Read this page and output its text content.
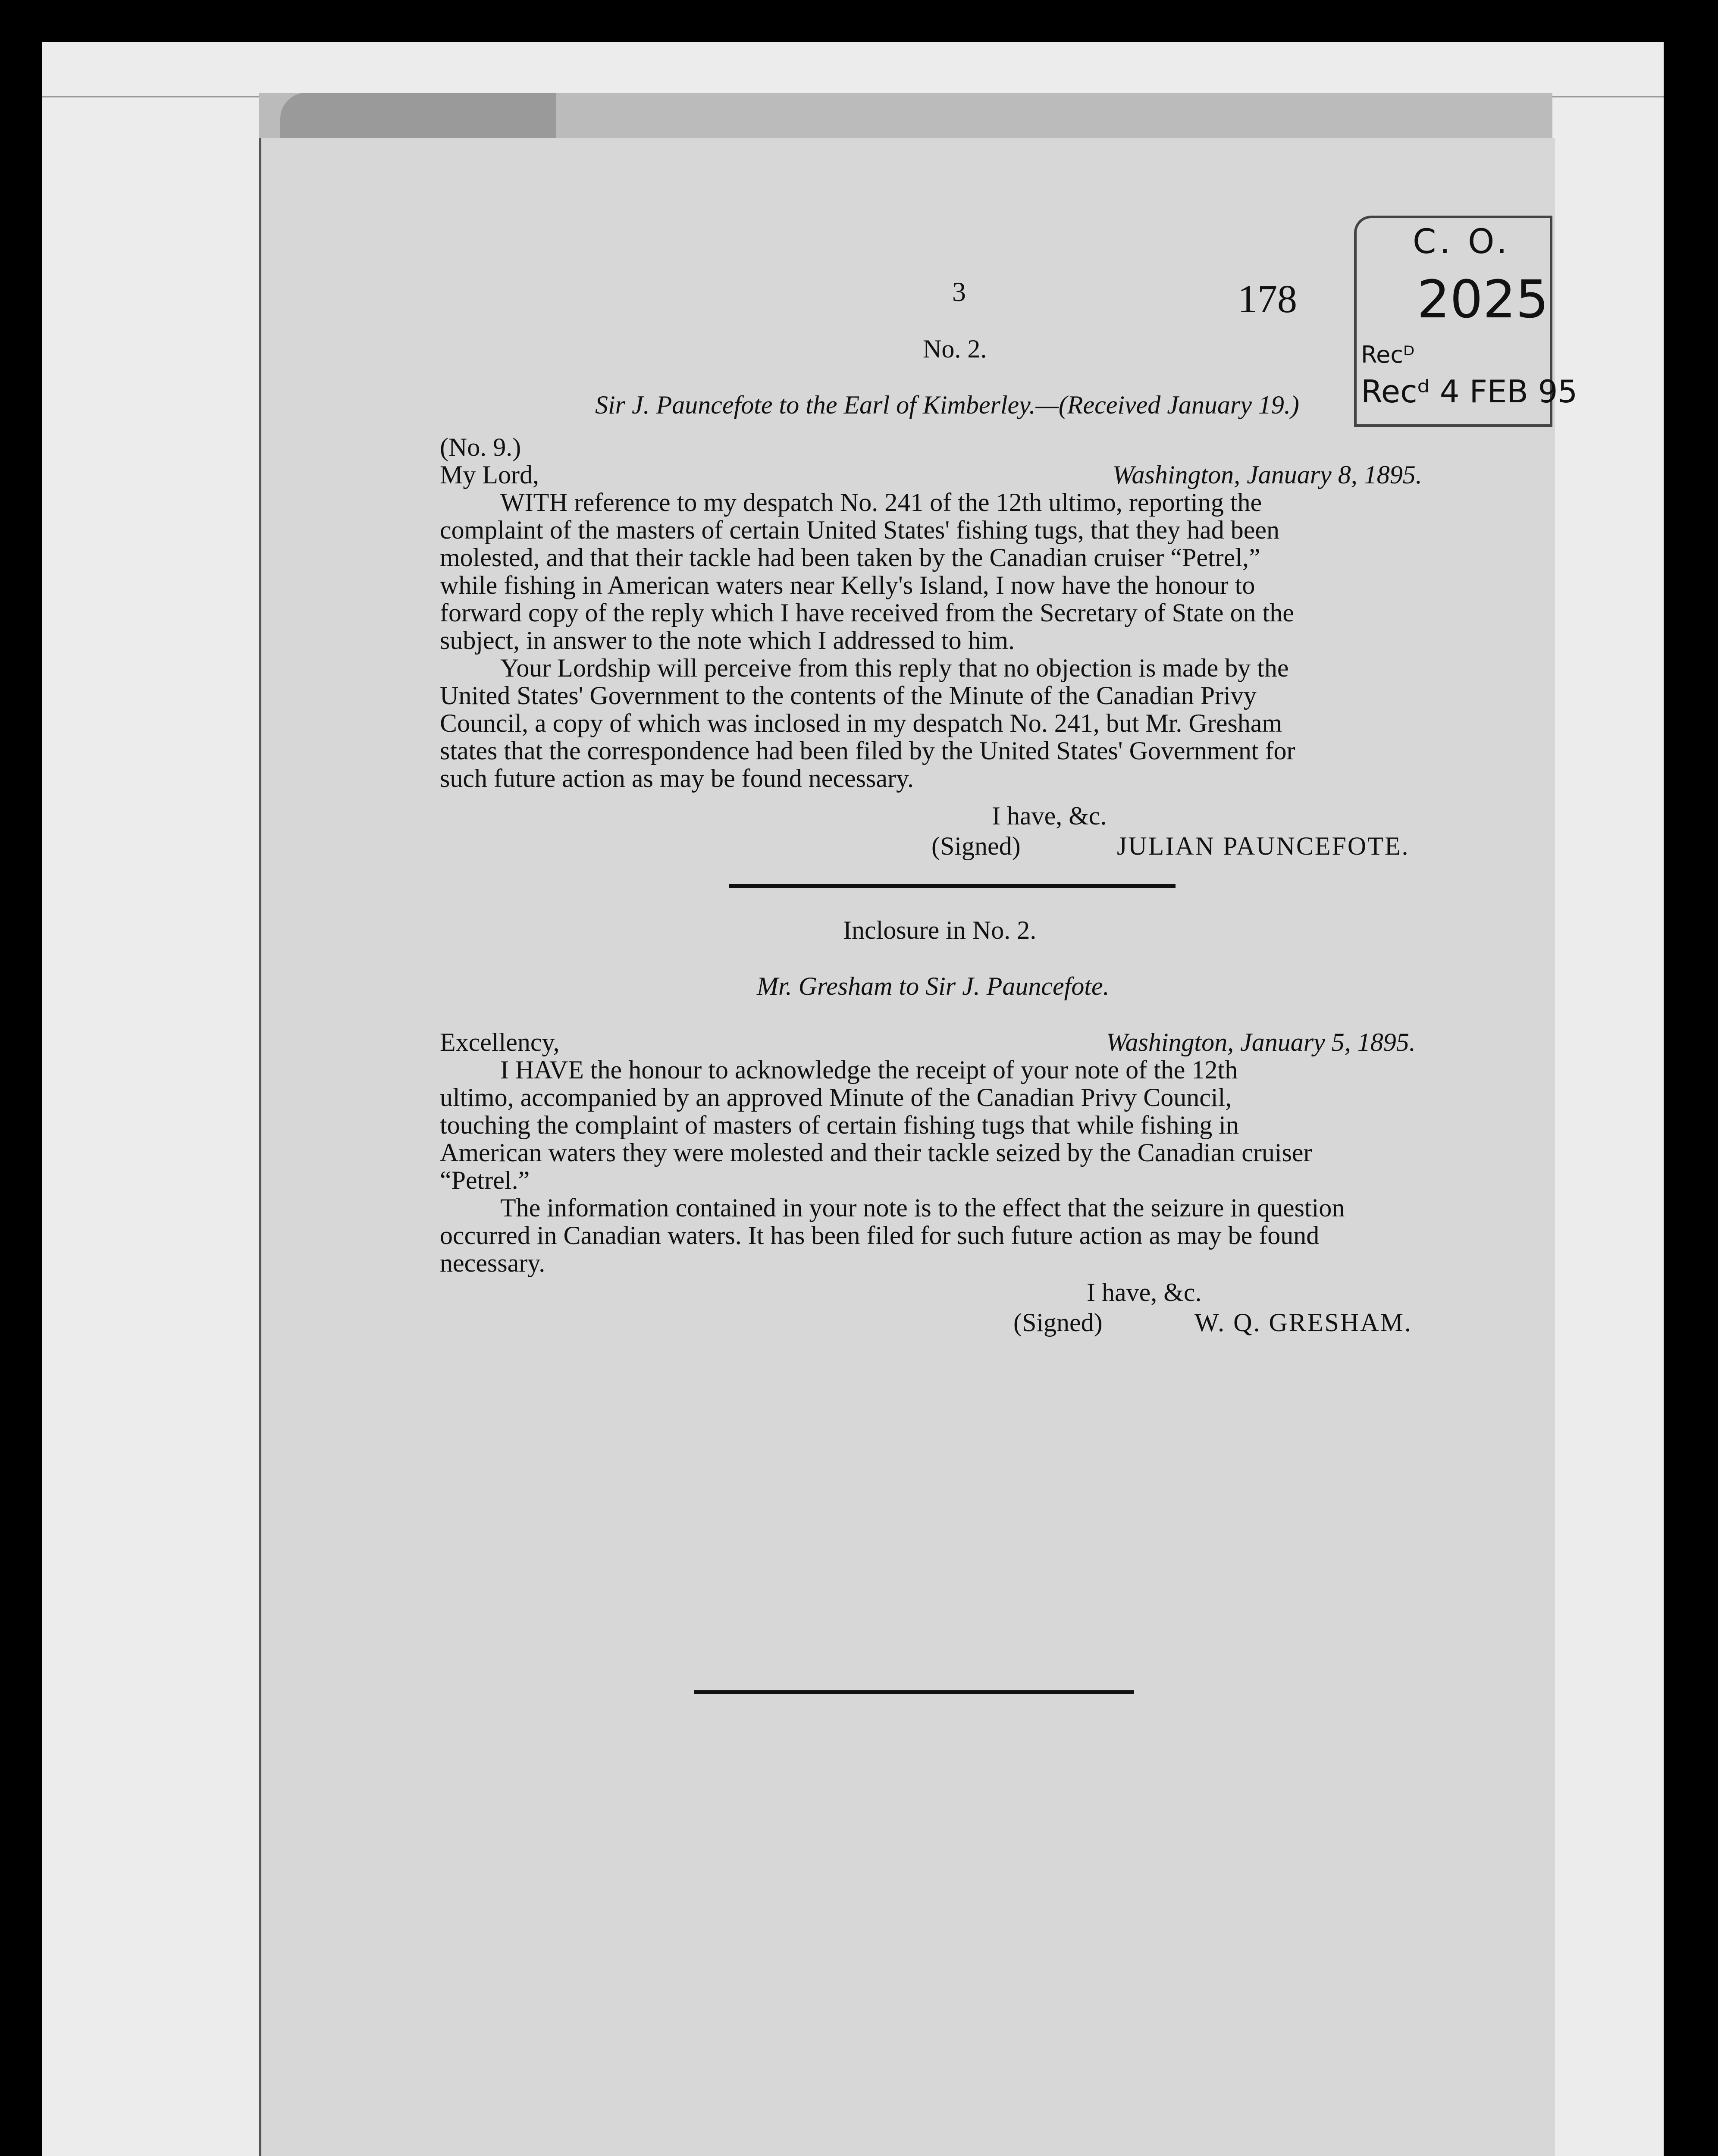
3	178
No. 2.
Sir J. Pauncefote to the Earl of Kimberley.—(Received January 19.)
C. O.
2025
Recᴰ
Recᵈ 4 FEB 95
(No. 9.)
My Lord,	Washington, January 8, 1895.
WITH reference to my despatch No. 241 of the 12th ultimo, reporting the
complaint of the masters of certain United States' fishing tugs, that they had been
molested, and that their tackle had been taken by the Canadian cruiser “Petrel,”
while fishing in American waters near Kelly's Island, I now have the honour to
forward copy of the reply which I have received from the Secretary of State on the
subject, in answer to the note which I addressed to him.
Your Lordship will perceive from this reply that no objection is made by the
United States' Government to the contents of the Minute of the Canadian Privy
Council, a copy of which was inclosed in my despatch No. 241, but Mr. Gresham
states that the correspondence had been filed by the United States' Government for
such future action as may be found necessary.
I have, &c.
(Signed)	JULIAN PAUNCEFOTE.
Inclosure in No. 2.
Mr. Gresham to Sir J. Pauncefote.
Excellency,	Washington, January 5, 1895.
I HAVE the honour to acknowledge the receipt of your note of the 12th
ultimo, accompanied by an approved Minute of the Canadian Privy Council,
touching the complaint of masters of certain fishing tugs that while fishing in
American waters they were molested and their tackle seized by the Canadian cruiser
“Petrel.”
The information contained in your note is to the effect that the seizure in question
occurred in Canadian waters. It has been filed for such future action as may be found
necessary.
I have, &c.
(Signed)	W. Q. GRESHAM.
